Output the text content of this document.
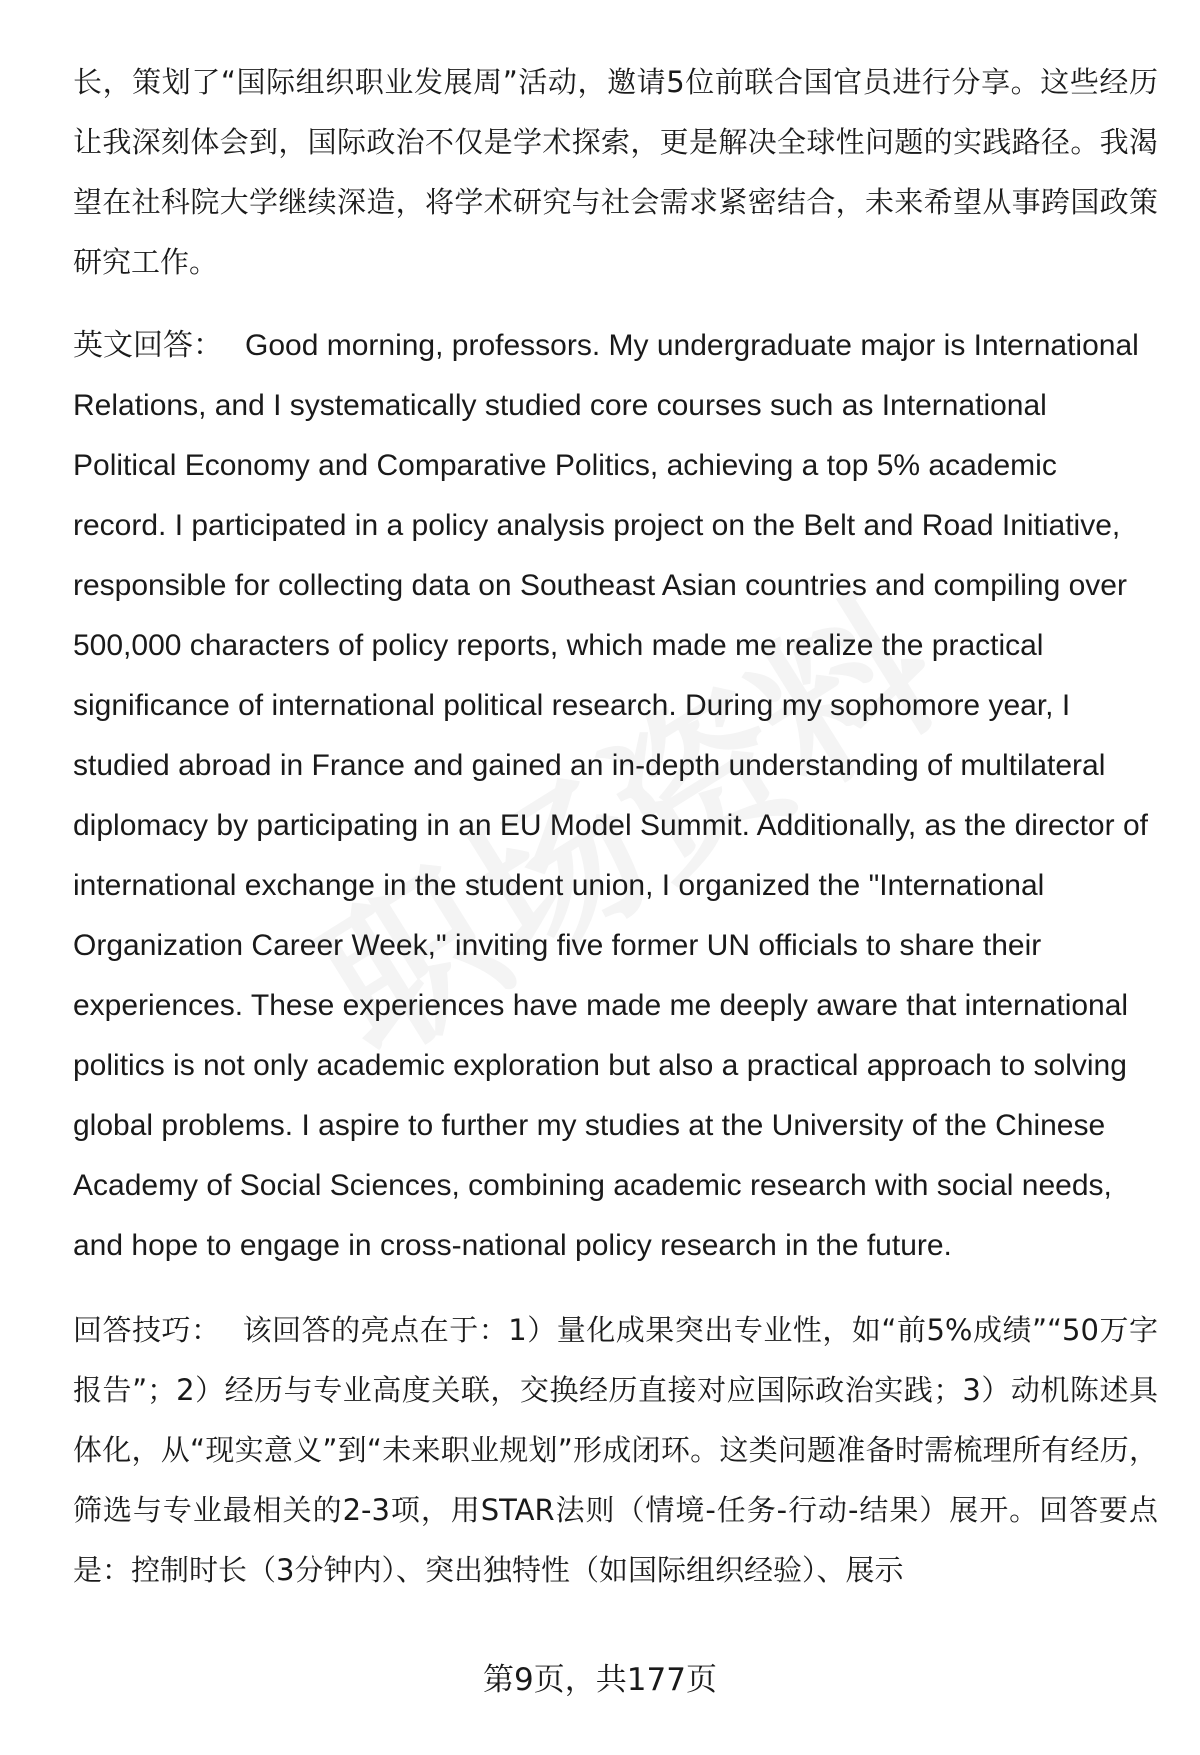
长，策划了“国际组织职业发展周”活动，邀请5位前联合国官员进行分享。这些经历让我深刻体会到，国际政治不仅是学术探索，更是解决全球性问题的实践路径。我渴望在社科院大学继续深造，将学术研究与社会需求紧密结合，未来希望从事跨国政策研究工作。

英文回答： Good morning, professors. My undergraduate major is International Relations, and I systematically studied core courses such as International Political Economy and Comparative Politics, achieving a top 5% academic record. I participated in a policy analysis project on the Belt and Road Initiative, responsible for collecting data on Southeast Asian countries and compiling over 500,000 characters of policy reports, which made me realize the practical significance of international political research. During my sophomore year, I studied abroad in France and gained an in-depth understanding of multilateral diplomacy by participating in an EU Model Summit. Additionally, as the director of international exchange in the student union, I organized the "International Organization Career Week," inviting five former UN officials to share their experiences. These experiences have made me deeply aware that international politics is not only academic exploration but also a practical approach to solving global problems. I aspire to further my studies at the University of the Chinese Academy of Social Sciences, combining academic research with social needs, and hope to engage in cross-national policy research in the future.

回答技巧： 该回答的亮点在于：1）量化成果突出专业性，如“前5%成绩”“50万字报告”；2）经历与专业高度关联，交换经历直接对应国际政治实践；3）动机陈述具体化，从“现实意义”到“未来职业规划”形成闭环。这类问题准备时需梳理所有经历，筛选与专业最相关的2-3项，用STAR法则（情境-任务-行动-结果）展开。回答要点是：控制时长（3分钟内）、突出独特性（如国际组织经验）、展示

第9页，共177页
